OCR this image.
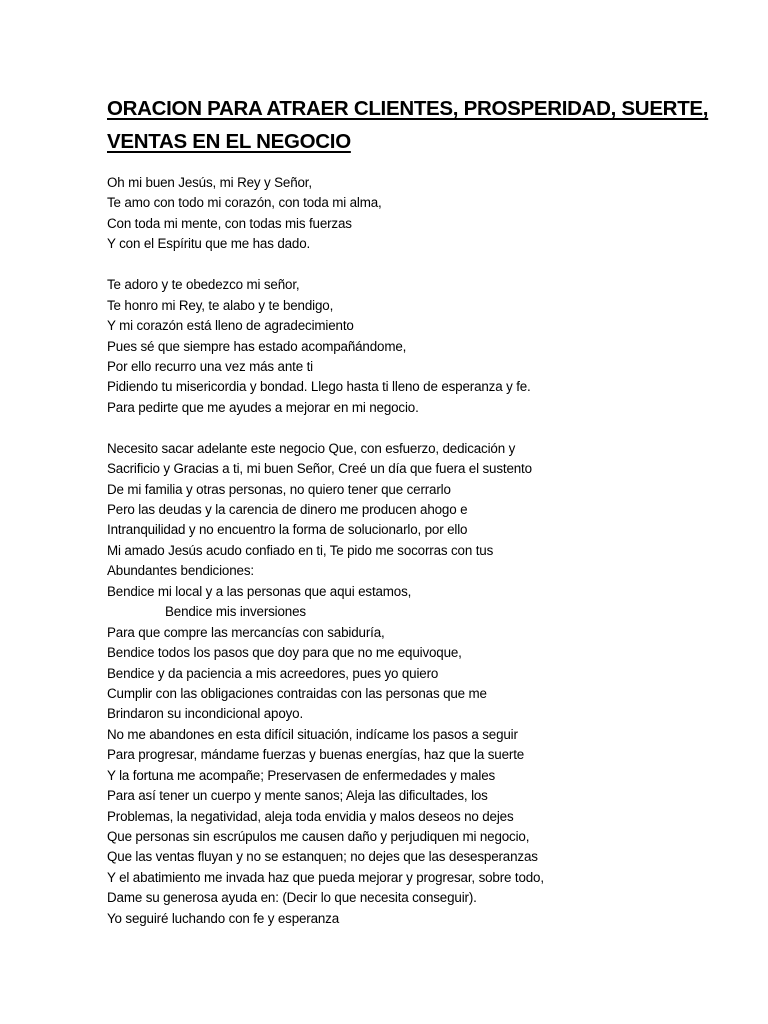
ORACION PARA ATRAER CLIENTES, PROSPERIDAD, SUERTE,
VENTAS EN EL NEGOCIO
Oh mi buen Jesús, mi Rey y Señor,
Te amo con todo mi corazón, con toda mi alma,
Con toda mi mente, con todas mis fuerzas
Y con el Espíritu que me has dado.
Te adoro y te obedezco mi señor,
Te honro mi Rey, te alabo y te bendigo,
Y mi corazón está lleno de agradecimiento
Pues sé que siempre has estado acompañándome,
Por ello recurro una vez más ante ti
Pidiendo tu misericordia y bondad. Llego hasta ti lleno de esperanza y fe.
Para pedirte que me ayudes a mejorar en mi negocio.
Necesito sacar adelante este negocio Que, con esfuerzo, dedicación y
Sacrificio y Gracias a ti, mi buen Señor, Creé un día que fuera el sustento
De mi familia y otras personas, no quiero tener que cerrarlo
Pero las deudas y la carencia de dinero me producen ahogo e
Intranquilidad y no encuentro la forma de solucionarlo, por ello
Mi amado Jesús acudo confiado en ti, Te pido me socorras con tus
Abundantes bendiciones:
Bendice mi local y a las personas que aqui estamos,
Bendice mis inversiones
Para que compre las mercancías con sabiduría,
Bendice todos los pasos que doy para que no me equivoque,
Bendice y da paciencia a mis acreedores, pues yo quiero
Cumplir con las obligaciones contraidas con las personas que me
Brindaron su incondicional apoyo.
No me abandones en esta difícil situación, indícame los pasos a seguir
Para progresar, mándame fuerzas y buenas energías, haz que la suerte
Y la fortuna me acompañe; Preservasen de enfermedades y males
Para así tener un cuerpo y mente sanos; Aleja las dificultades, los
Problemas, la negatividad, aleja toda envidia y malos deseos no dejes
Que personas sin escrúpulos me causen daño y perjudiquen mi negocio,
Que las ventas fluyan y no se estanquen; no dejes que las desesperanzas
Y el abatimiento me invada haz que pueda mejorar y progresar, sobre todo,
Dame su generosa ayuda en: (Decir lo que necesita conseguir).
Yo seguiré luchando con fe y esperanza
